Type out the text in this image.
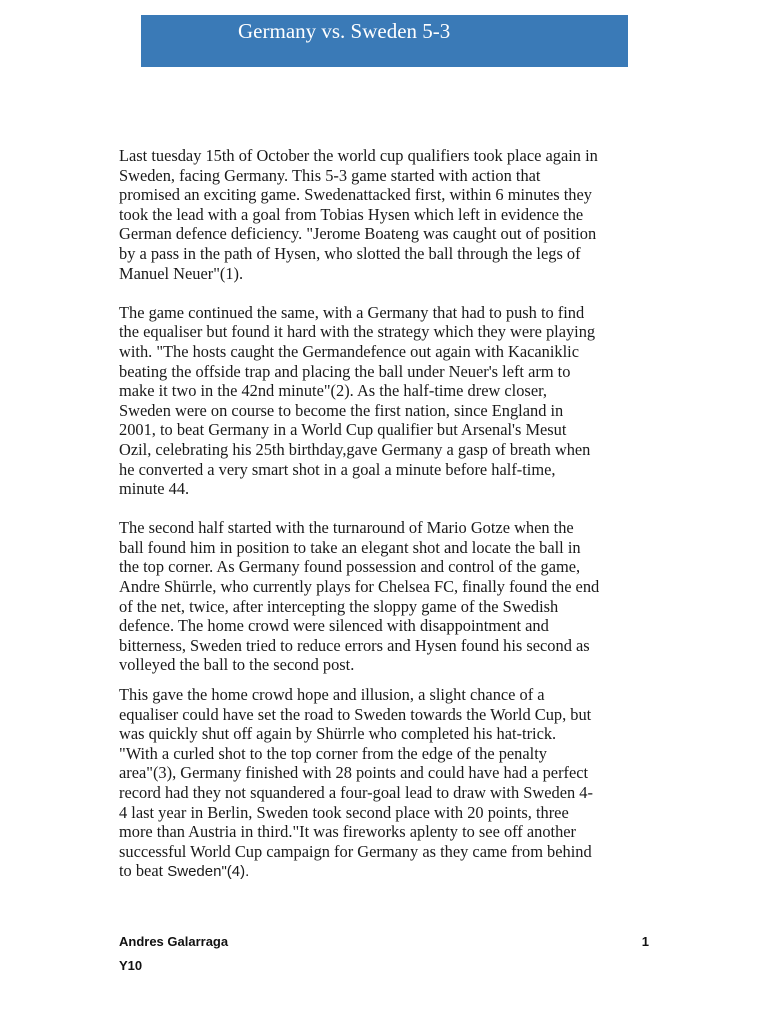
Germany vs. Sweden 5-3

Last tuesday 15th of October the world cup qualifiers took place again in
Sweden, facing Germany. This 5-3 game started with action that
promised an exciting game. Swedenattacked first, within 6 minutes they
took the lead with a goal from Tobias Hysen which left in evidence the
German defence deficiency. "Jerome Boateng was caught out of position
by a pass in the path of Hysen, who slotted the ball through the legs of
Manuel Neuer"(1).

The game continued the same, with a Germany that had to push to find
the equaliser but found it hard with the strategy which they were playing
with. "The hosts caught the Germandefence out again with Kacaniklic
beating the offside trap and placing the ball under Neuer's left arm to
make it two in the 42nd minute"(2). As the half-time drew closer,
Sweden were on course to become the first nation, since England in
2001, to beat Germany in a World Cup qualifier but Arsenal's Mesut
Ozil, celebrating his 25th birthday,gave Germany a gasp of breath when
he converted a very smart shot in a goal a minute before half-time,
minute 44.

The second half started with the turnaround of Mario Gotze when the
ball found him in position to take an elegant shot and locate the ball in
the top corner. As Germany found possession and control of the game,
Andre Shürrle, who currently plays for Chelsea FC, finally found the end
of the net, twice, after intercepting the sloppy game of the Swedish
defence. The home crowd were silenced with disappointment and
bitterness, Sweden tried to reduce errors and Hysen found his second as
volleyed the ball to the second post.

This gave the home crowd hope and illusion, a slight chance of a
equaliser could have set the road to Sweden towards the World Cup, but
was quickly shut off again by Shürrle who completed his hat-trick.
"With a curled shot to the top corner from the edge of the penalty
area"(3), Germany finished with 28 points and could have had a perfect
record had they not squandered a four-goal lead to draw with Sweden 4-
4 last year in Berlin, Sweden took second place with 20 points, three
more than Austria in third."It was fireworks aplenty to see off another
successful World Cup campaign for Germany as they came from behind
to beat Sweden"(4).

Andres Galarraga
Y10
1
